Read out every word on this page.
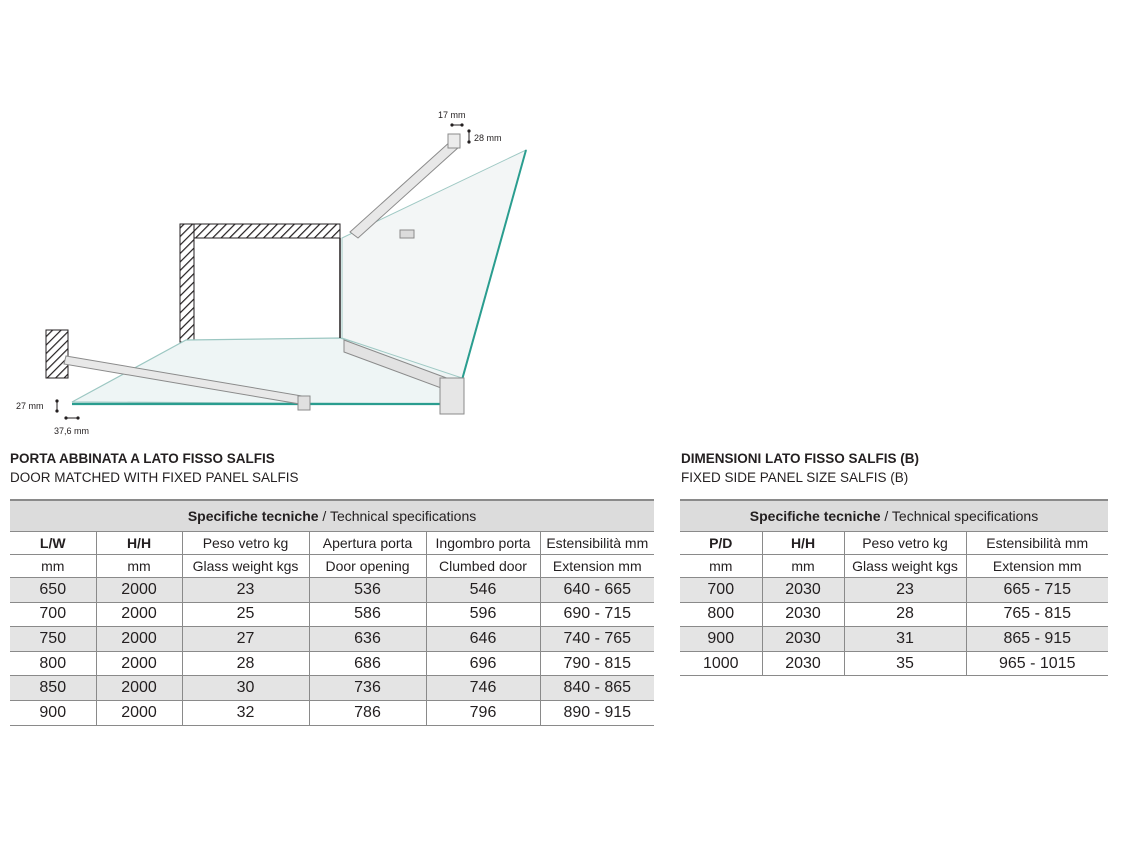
17 mm
28 mm
27 mm
37,6 mm
PORTA ABBINATA A LATO FISSO SALFIS
DOOR MATCHED WITH FIXED PANEL SALFIS
DIMENSIONI LATO FISSO SALFIS (B)
FIXED SIDE PANEL SIZE SALFIS (B)
Specifiche tecniche / Technical specifications					
L/W	H/H	Peso vetro kg	Apertura porta	Ingombro porta	Estensibilità mm
mm	mm	Glass weight kgs	Door opening	Clumbed door	Extension mm
650	2000	23	536	546	640 - 665
700	2000	25	586	596	690 - 715
750	2000	27	636	646	740 - 765
800	2000	28	686	696	790 - 815
850	2000	30	736	746	840 - 865
900	2000	32	786	796	890 - 915
Specifiche tecniche / Technical specifications			
P/D	H/H	Peso vetro kg	Estensibilità mm
mm	mm	Glass weight kgs	Extension mm
700	2030	23	665 - 715
800	2030	28	765 - 815
900	2030	31	865 - 915
1000	2030	35	965 - 1015
